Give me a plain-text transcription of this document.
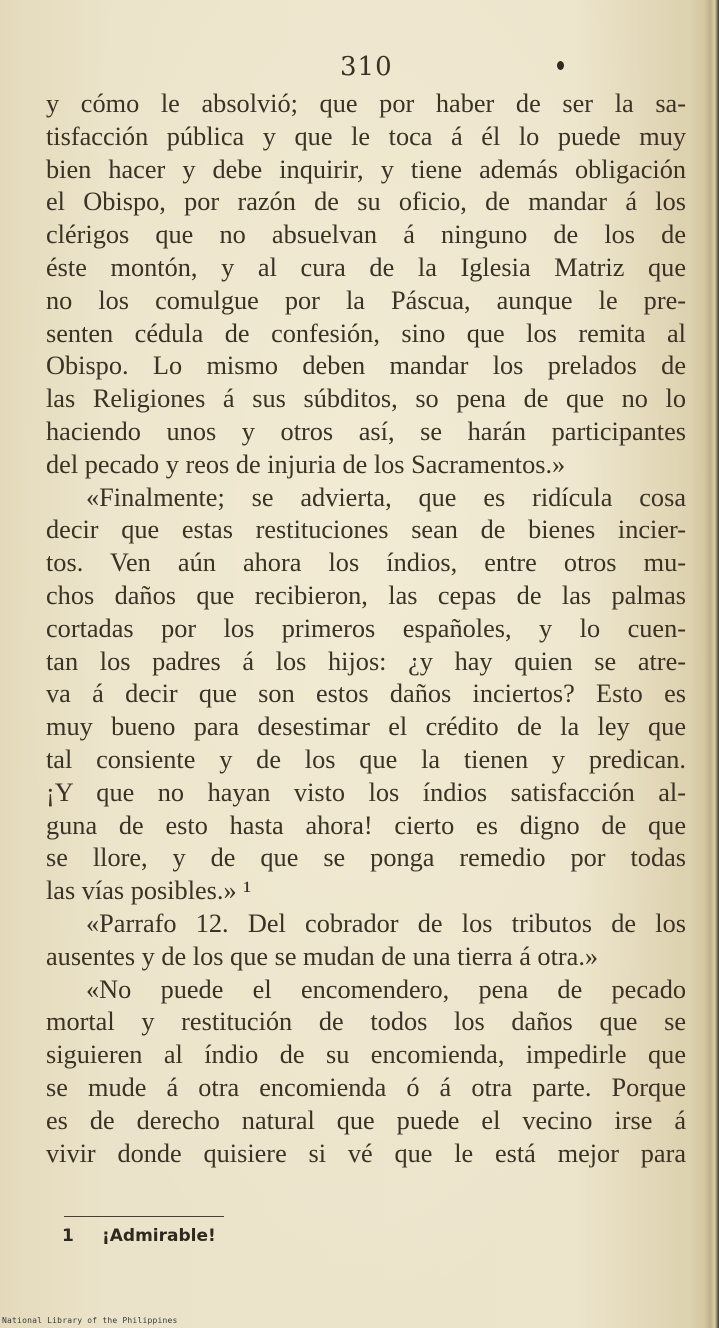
310
y cómo le absolvió; que por haber de ser la sa-
tisfacción pública y que le toca á él lo puede muy
bien hacer y debe inquirir, y tiene además obligación
el Obispo, por razón de su oficio, de mandar á los
clérigos que no absuelvan á ninguno de los de
éste montón, y al cura de la Iglesia Matriz que
no los comulgue por la Páscua, aunque le pre-
senten cédula de confesión, sino que los remita al
Obispo. Lo mismo deben mandar los prelados de
las Religiones á sus súbditos, so pena de que no lo
haciendo unos y otros así, se harán participantes
del pecado y reos de injuria de los Sacramentos.»
«Finalmente; se advierta, que es ridícula cosa
decir que estas restituciones sean de bienes incier-
tos. Ven aún ahora los índios, entre otros mu-
chos daños que recibieron, las cepas de las palmas
cortadas por los primeros españoles, y lo cuen-
tan los padres á los hijos: ¿y hay quien se atre-
va á decir que son estos daños inciertos? Esto es
muy bueno para desestimar el crédito de la ley que
tal consiente y de los que la tienen y predican.
¡Y que no hayan visto los índios satisfacción al-
guna de esto hasta ahora! cierto es digno de que
se llore, y de que se ponga remedio por todas
las vías posibles.» ¹
«Parrafo 12. Del cobrador de los tributos de los
ausentes y de los que se mudan de una tierra á otra.»
«No puede el encomendero, pena de pecado
mortal y restitución de todos los daños que se
siguieren al índio de su encomienda, impedirle que
se mude á otra encomienda ó á otra parte. Porque
es de derecho natural que puede el vecino irse á
vivir donde quisiere si vé que le está mejor para
1 ¡Admirable!
National Library of the Philippines
